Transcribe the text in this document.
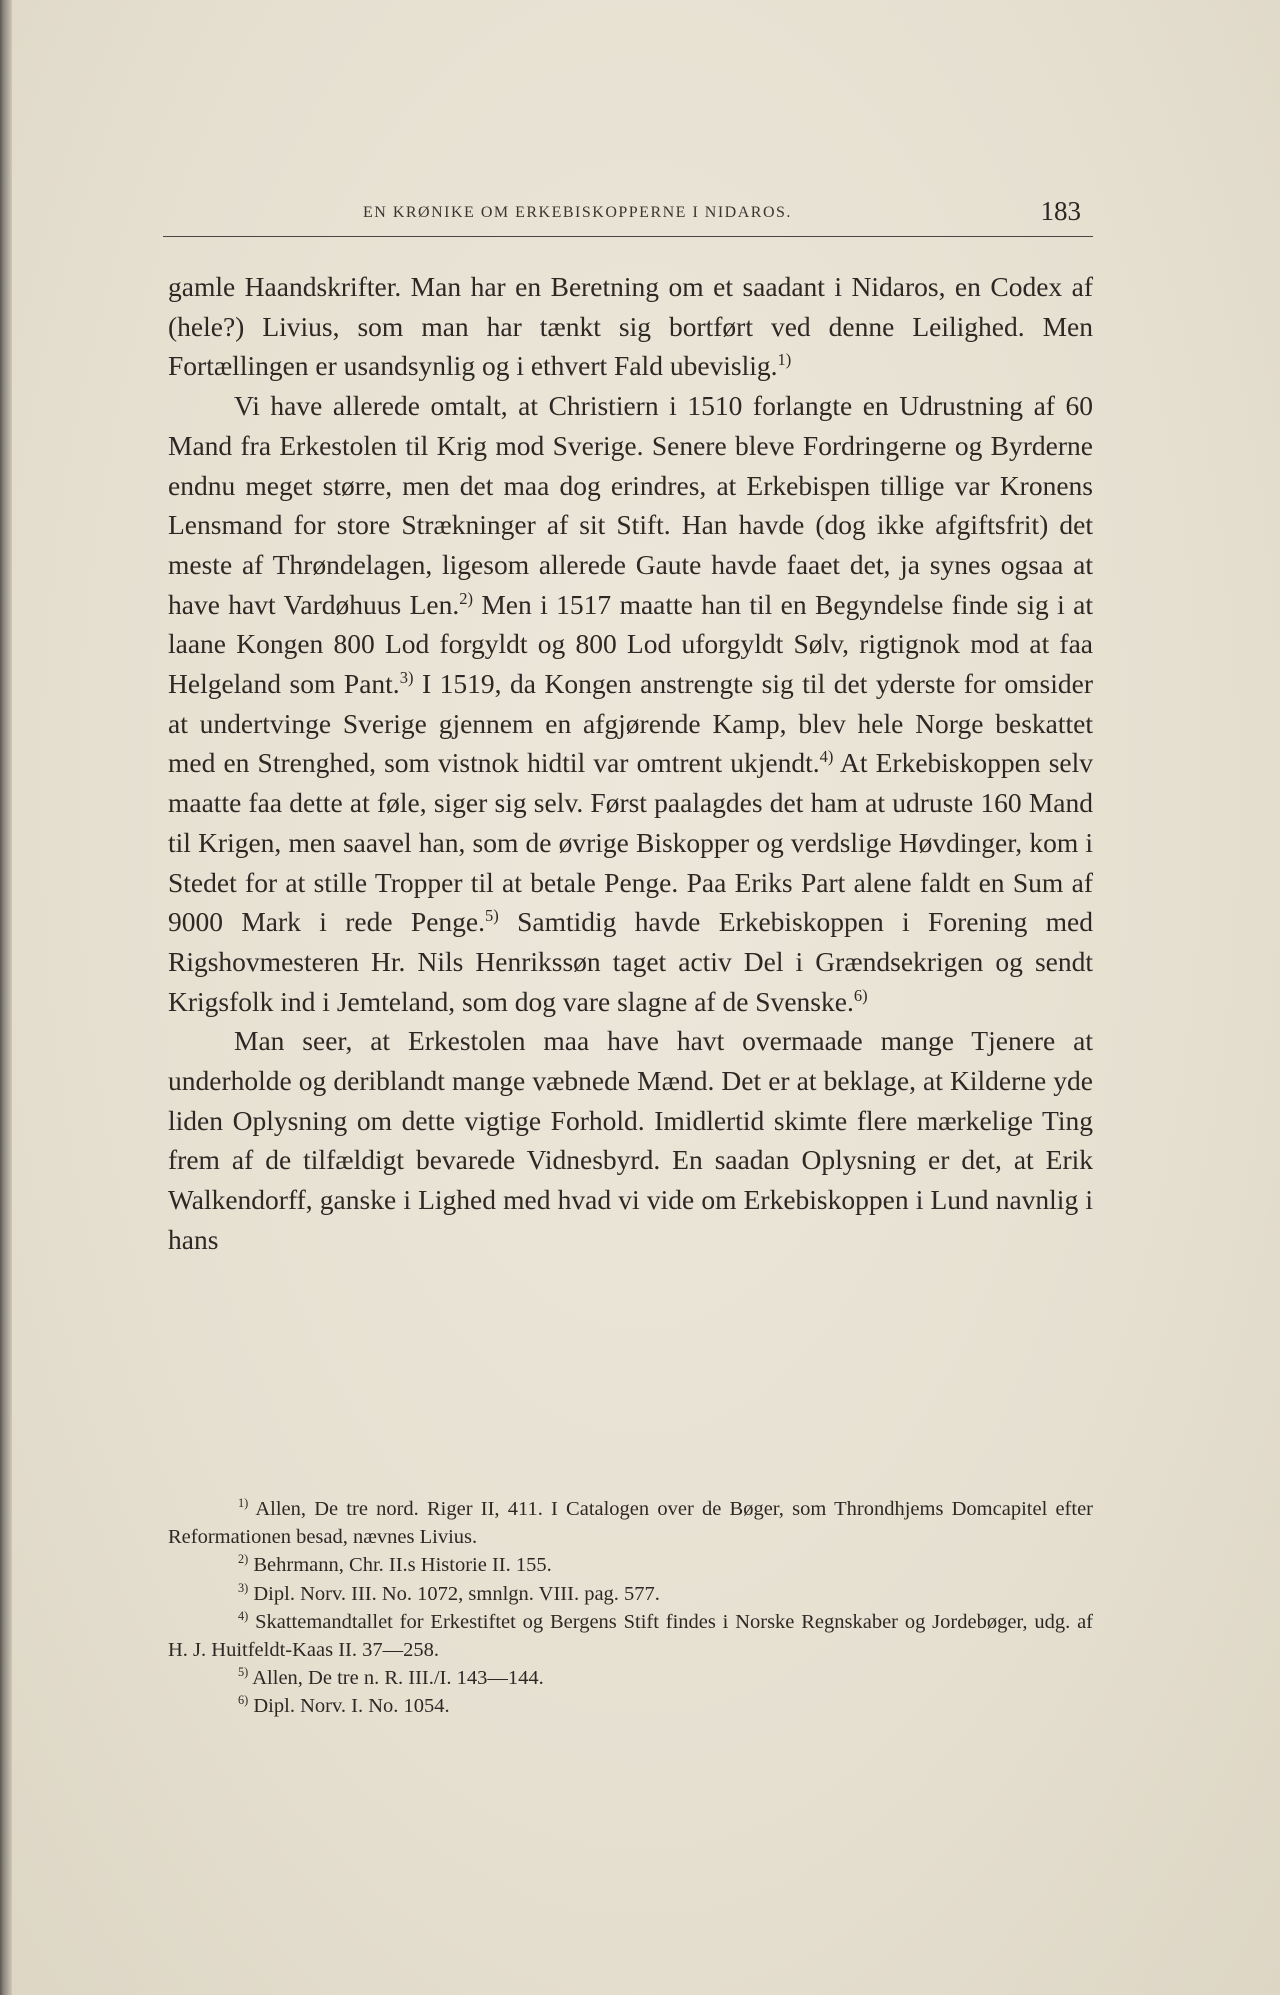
EN KRØNIKE OM ERKEBISKOPPERNE I NIDAROS.	183

gamle Haandskrifter. Man har en Beretning om et saadant i Nidaros, en Codex af (hele?) Livius, som man har tænkt sig bortført ved denne Leilighed. Men Fortællingen er usandsynlig og i ethvert Fald ubevislig.$^{1)}$

Vi have allerede omtalt, at Christiern i 1510 forlangte en Udrustning af 60 Mand fra Erkestolen til Krig mod Sverige. Senere bleve Fordringerne og Byrderne endnu meget større, men det maa dog erindres, at Erkebispen tillige var Kronens Lensmand for store Strækninger af sit Stift. Han havde (dog ikke afgiftsfrit) det meste af Thrøndelagen, ligesom allerede Gaute havde faaet det, ja synes ogsaa at have havt Vardøhuus Len.$^{2)}$ Men i 1517 maatte han til en Begyndelse finde sig i at laane Kongen 800 Lod forgyldt og 800 Lod uforgyldt Sølv, rigtignok mod at faa Helgeland som Pant.$^{3)}$ I 1519, da Kongen anstrengte sig til det yderste for omsider at undertvinge Sverige gjennem en afgjørende Kamp, blev hele Norge beskattet med en Strenghed, som vistnok hidtil var omtrent ukjendt.$^{4)}$ At Erkebiskoppen selv maatte faa dette at føle, siger sig selv. Først paalagdes det ham at udruste 160 Mand til Krigen, men saavel han, som de øvrige Biskopper og verdslige Høvdinger, kom i Stedet for at stille Tropper til at betale Penge. Paa Eriks Part alene faldt en Sum af 9000 Mark i rede Penge.$^{5)}$ Samtidig havde Erkebiskoppen i Forening med Rigshovmesteren Hr. Nils Henrikssøn taget activ Del i Grændsekrigen og sendt Krigsfolk ind i Jemteland, som dog vare slagne af de Svenske.$^{6)}$

Man seer, at Erkestolen maa have havt overmaade mange Tjenere at underholde og deriblandt mange væbnede Mænd. Det er at beklage, at Kilderne yde liden Oplysning om dette vigtige Forhold. Imidlertid skimte flere mærkelige Ting frem af de tilfældigt bevarede Vidnesbyrd. En saadan Oplysning er det, at Erik Walkendorff, ganske i Lighed med hvad vi vide om Erkebiskoppen i Lund navnlig i hans

$^{1)}$ Allen, De tre nord. Riger II, 411. I Catalogen over de Bøger, som Throndhjems Domcapitel efter Reformationen besad, nævnes Livius.

$^{2)}$ Behrmann, Chr. II.s Historie II. 155.

$^{3)}$ Dipl. Norv. III. No. 1072, smnlgn. VIII. pag. 577.

$^{4)}$ Skattemandtallet for Erkestiftet og Bergens Stift findes i Norske Regnskaber og Jordebøger, udg. af H. J. Huitfeldt-Kaas II. 37—258.

$^{5)}$ Allen, De tre n. R. III./I. 143—144.

$^{6)}$ Dipl. Norv. I. No. 1054.
